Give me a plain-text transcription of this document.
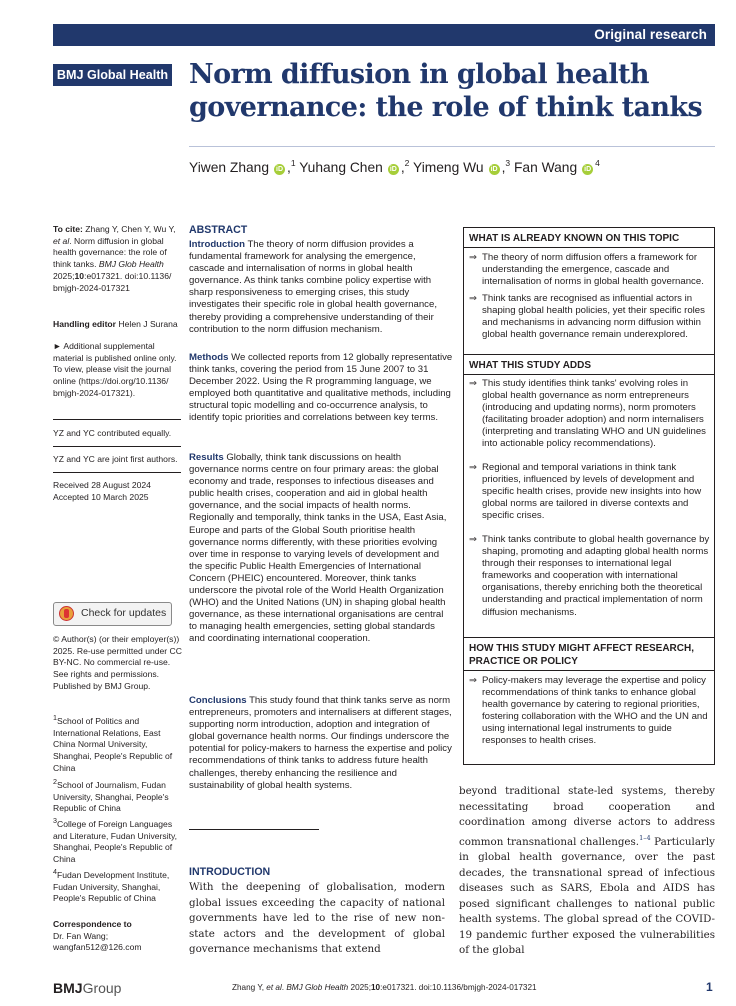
Original research
BMJ Global Health Norm diffusion in global health governance: the role of think tanks
Yiwen Zhang iD ,$^1$ Yuhang Chen iD ,$^2$ Yimeng Wu iD ,$^3$ Fan Wang iD$^4$
To cite: Zhang Y, Chen Y, Wu Y, et al. Norm diffusion in global health governance: the role of think tanks. BMJ Glob Health 2025;10:e017321. doi:10.1136/ bmjgh-2024-017321
Handling editor Helen J Surana
► Additional supplemental material is published online only. To view, please visit the journal online (https://doi.org/10.1136/ bmjgh-2024-017321).
YZ and YC contributed equally.
YZ and YC are joint first authors.
Received 28 August 2024
Accepted 10 March 2025
Check for updates
© Author(s) (or their employer(s)) 2025. Re-use permitted under CC BY-NC. No commercial re-use. See rights and permissions. Published by BMJ Group.
$^1$School of Politics and International Relations, East China Normal University, Shanghai, People's Republic of China
$^2$School of Journalism, Fudan University, Shanghai, People's Republic of China
$^3$College of Foreign Languages and Literature, Fudan University, Shanghai, People's Republic of China
$^4$Fudan Development Institute, Fudan University, Shanghai, People's Republic of China
Correspondence to
Dr. Fan Wang;
wangfan512@126.com
ABSTRACT

Introduction The theory of norm diffusion provides a fundamental framework for analysing the emergence, cascade and internalisation of norms in global health governance. As think tanks combine policy expertise with sharp responsiveness to emerging crises, this study investigates their specific role in global health governance, thereby providing a comprehensive understanding of their contribution to the norm diffusion mechanism.

Methods We collected reports from 12 globally representative think tanks, covering the period from 15 June 2007 to 31 December 2022. Using the R programming language, we employed both quantitative and qualitative methods, including structural topic modelling and co-occurrence analysis, to identify topic priorities and correlations between key terms.

Results Globally, think tank discussions on health governance norms centre on four primary areas: the global economy and trade, responses to infectious diseases and public health crises, cooperation and aid in global health governance, and the social impacts of health norms. Regionally and temporally, think tanks in the USA, East Asia, Europe and parts of the Global South prioritise health governance norms differently, with these priorities evolving over time in response to varying levels of development and the specific Public Health Emergencies of International Concern (PHEIC) encountered. Moreover, think tanks underscore the pivotal role of the World Health Organization (WHO) and the United Nations (UN) in shaping global health governance, as these international organisations are central to managing health emergencies, setting global standards and coordinating international cooperation.

Conclusions This study found that think tanks serve as norm entrepreneurs, promoters and internalisers at different stages, supporting norm introduction, adoption and integration of global governance health norms. Our findings underscore the potential for policy-makers to harness the expertise and policy recommendations of think tanks to address future health challenges, thereby enhancing the resilience and sustainability of global health systems.

WHAT IS ALREADY KNOWN ON THIS TOPIC
⇒ The theory of norm diffusion offers a framework for understanding the emergence, cascade and internalisation of norms in global health governance.
⇒ Think tanks are recognised as influential actors in shaping global health policies, yet their specific roles and mechanisms in advancing norm diffusion within global health governance remain underexplored.
WHAT THIS STUDY ADDS
⇒ This study identifies think tanks' evolving roles in global health governance as norm entrepreneurs (introducing and updating norms), norm promoters (facilitating broader adoption) and norm internalisers (interpreting and translating WHO and UN guidelines into actionable policy recommendations).
⇒ Regional and temporal variations in think tank priorities, influenced by levels of development and specific health crises, provide new insights into how global norms are tailored in diverse contexts and specific crises.
⇒ Think tanks contribute to global health governance by shaping, promoting and adapting global health norms through their responses to international legal frameworks and cooperation with international organisations, thereby enriching both the theoretical understanding and practical implementation of norm diffusion mechanisms.
HOW THIS STUDY MIGHT AFFECT RESEARCH, PRACTICE OR POLICY
⇒ Policy-makers may leverage the expertise and policy recommendations of think tanks to enhance global health governance by catering to regional priorities, fostering collaboration with the WHO and the UN and using international legal instruments to guide responses to health crises.
INTRODUCTION

With the deepening of globalisation, modern global issues exceeding the capacity of national governments have led to the rise of new non-state actors and the development of global governance mechanisms that extend

beyond traditional state-led systems, thereby necessitating broad cooperation and coordination among diverse actors to address common transnational challenges.$^{1-4}$ Particularly in global health governance, over the past decades, the transnational spread of infectious diseases such as SARS, Ebola and AIDS has posed significant challenges to national public health systems. The global spread of the COVID-19 pandemic further exposed the vulnerabilities of the global

BMJGroup	Zhang Y, et al. BMJ Glob Health 2025;10:e017321. doi:10.1136/bmjgh-2024-017321	1
